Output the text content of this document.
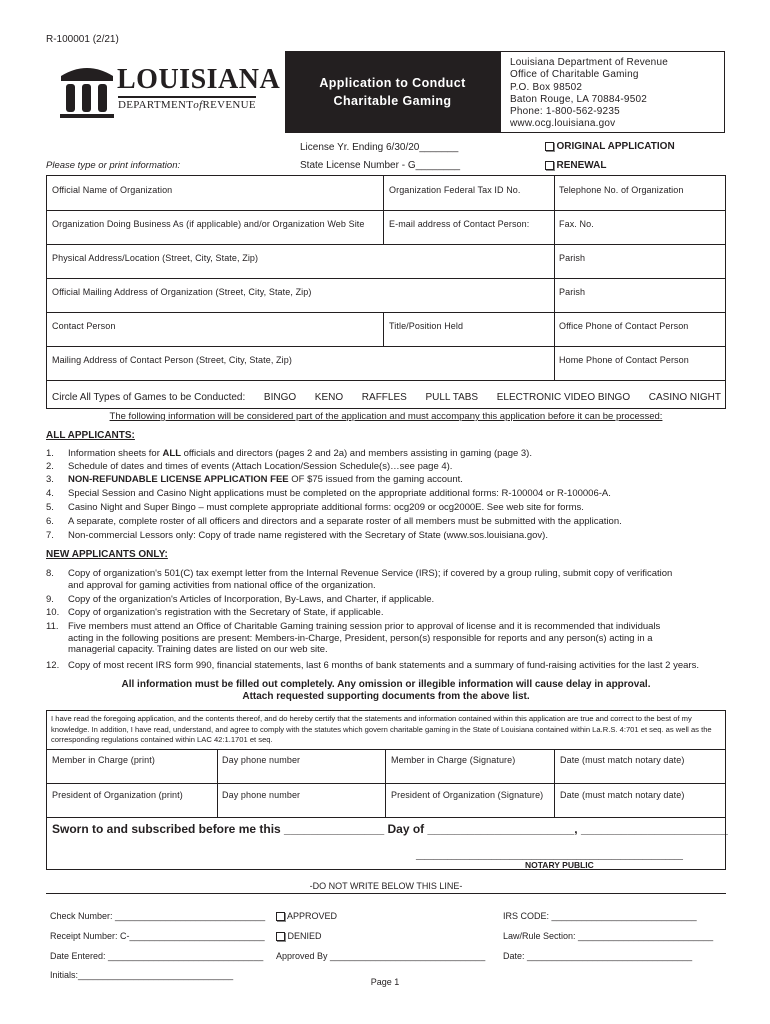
R-100001 (2/21)
LOUISIANA
DEPARTMENTofREVENUE
Application to Conduct
Charitable Gaming
Louisiana Department of Revenue
Office of Charitable Gaming
P.O. Box 98502
Baton Rouge, LA 70884-9502
Phone: 1-800-562-9235
www.ocg.louisiana.gov
License Yr. Ending 6/30/20_______
State License Number - G________
ORIGINAL APPLICATION
RENEWAL
Please type or print information:
Official Name of Organization	Organization Federal Tax ID No.	Telephone No. of Organization
Organization Doing Business As (if applicable) and/or Organization Web Site	E-mail address of Contact Person:	Fax. No.
Physical Address/Location (Street, City, State, Zip)	Parish
Official Mailing Address of Organization (Street, City, State, Zip)	Parish
Contact Person	Title/Position Held	Office Phone of Contact Person
Mailing Address of Contact Person (Street, City, State, Zip)	Home Phone of Contact Person
Circle All Types of Games to be Conducted: BINGO KENO RAFFLES PULL TABS ELECTRONIC VIDEO BINGO CASINO NIGHT
The following information will be considered part of the application and must accompany this application before it can be processed:
ALL APPLICANTS:
1.	Information sheets for ALL officials and directors (pages 2 and 2a) and members assisting in gaming (page 3).
2.	Schedule of dates and times of events (Attach Location/Session Schedule(s)…see page 4).
3.	NON-REFUNDABLE LICENSE APPLICATION FEE OF $75 issued from the gaming account.
4.	Special Session and Casino Night applications must be completed on the appropriate additional forms: R-100004 or R-100006-A.
5.	Casino Night and Super Bingo – must complete appropriate additional forms: ocg209 or ocg2000E. See web site for forms.
6.	A separate, complete roster of all officers and directors and a separate roster of all members must be submitted with the application.
7.	Non-commercial Lessors only: Copy of trade name registered with the Secretary of State (www.sos.louisiana.gov).
NEW APPLICANTS ONLY:
8.	Copy of organization's 501(C) tax exempt letter from the Internal Revenue Service (IRS); if covered by a group ruling, submit copy of verification
and approval for gaming activities from national office of the organization.
9.	Copy of the organization's Articles of Incorporation, By-Laws, and Charter, if applicable.
10. Copy of organization's registration with the Secretary of State, if applicable.
11. Five members must attend an Office of Charitable Gaming training session prior to approval of license and it is recommended that individuals
acting in the following positions are present: Members-in-Charge, President, person(s) responsible for reports and any person(s) acting in a
managerial capacity. Training dates are listed on our web site.
12. Copy of most recent IRS form 990, financial statements, last 6 months of bank statements and a summary of fund-raising activities for the last 2 years.
All information must be filled out completely. Any omission or illegible information will cause delay in approval.
Attach requested supporting documents from the above list.
I have read the foregoing application, and the contents thereof, and do hereby certify that the statements and information contained within this application are true and correct to the best of my knowledge. In addition, I have read, understand, and agree to comply with the statutes which govern charitable gaming in the State of Louisiana contained within La.R.S. 4:701 et seq. as well as the corresponding regulations contained within LAC 42:1.1701 et seq.
Member in Charge (print)	Day phone number	Member in Charge (Signature)	Date (must match notary date)
President of Organization (print)	Day phone number	President of Organization (Signature) Date (must match notary date)
Sworn to and subscribed before me this _______________ Day of ______________________, ______________________
____________________________________________________________
NOTARY PUBLIC
-DO NOT WRITE BELOW THIS LINE-
Check Number: ______________________________	APPROVED	IRS CODE: _____________________________
Receipt Number: C-___________________________	DENIED	Law/Rule Section: ___________________________
Date Entered: _______________________________ Approved By _______________________________ Date: _________________________________
Initials:_______________________________
Page 1
